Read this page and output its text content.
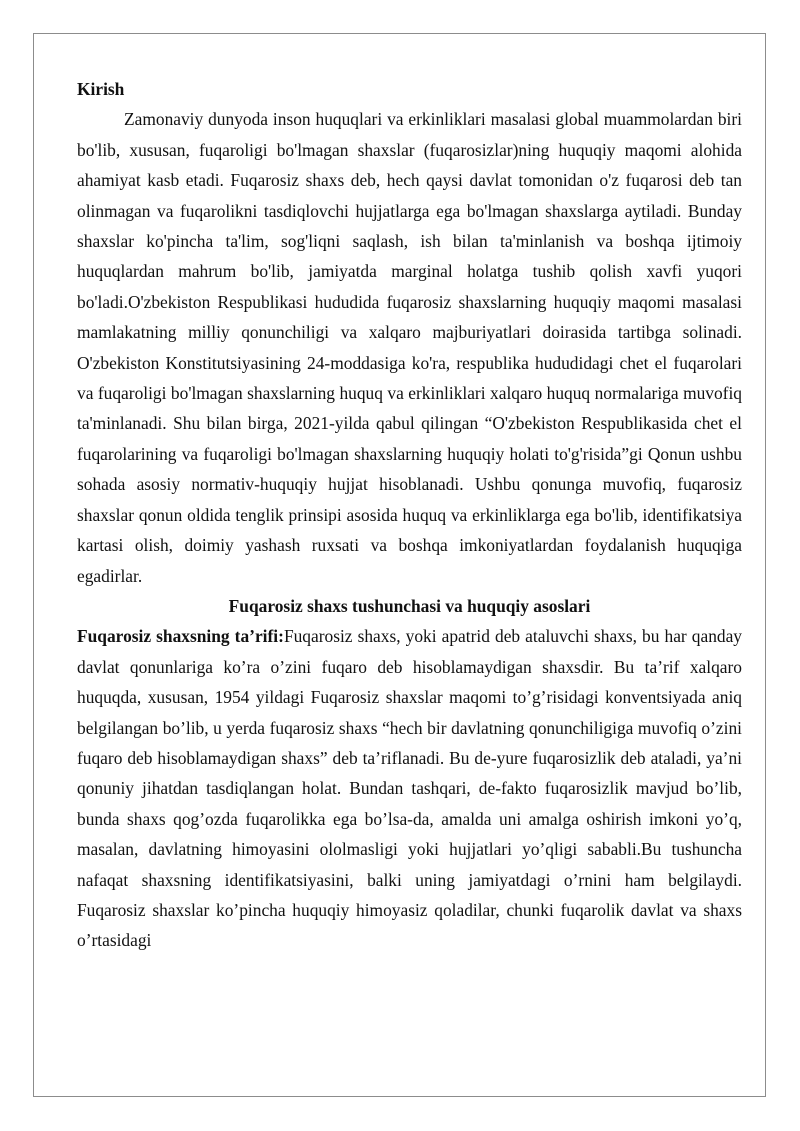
Kirish

Zamonaviy dunyoda inson huquqlari va erkinliklari masalasi global muammolardan biri bo'lib, xususan, fuqaroligi bo'lmagan shaxslar (fuqarosizlar)ning huquqiy maqomi alohida ahamiyat kasb etadi. Fuqarosiz shaxs deb, hech qaysi davlat tomonidan o'z fuqarosi deb tan olinmagan va fuqarolikni tasdiqlovchi hujjatlarga ega bo'lmagan shaxslarga aytiladi. Bunday shaxslar ko'pincha ta'lim, sog'liqni saqlash, ish bilan ta'minlanish va boshqa ijtimoiy huquqlardan mahrum bo'lib, jamiyatda marginal holatga tushib qolish xavfi yuqori bo'ladi.O'zbekiston Respublikasi hududida fuqarosiz shaxslarning huquqiy maqomi masalasi mamlakatning milliy qonunchiligi va xalqaro majburiyatlari doirasida tartibga solinadi. O'zbekiston Konstitutsiyasining 24-moddasiga ko'ra, respublika hududidagi chet el fuqarolari va fuqaroligi bo'lmagan shaxslarning huquq va erkinliklari xalqaro huquq normalariga muvofiq ta'minlanadi. Shu bilan birga, 2021-yilda qabul qilingan “O'zbekiston Respublikasida chet el fuqarolarining va fuqaroligi bo'lmagan shaxslarning huquqiy holati to'g'risida”gi Qonun ushbu sohada asosiy normativ-huquqiy hujjat hisoblanadi. Ushbu qonunga muvofiq, fuqarosiz shaxslar qonun oldida tenglik prinsipi asosida huquq va erkinliklarga ega bo'lib, identifikatsiya kartasi olish, doimiy yashash ruxsati va boshqa imkoniyatlardan foydalanish huquqiga egadirlar.

Fuqarosiz shaxs tushunchasi va huquqiy asoslari

Fuqarosiz shaxsning ta’rifi:Fuqarosiz shaxs, yoki apatrid deb ataluvchi shaxs, bu har qanday davlat qonunlariga ko’ra o’zini fuqaro deb hisoblamaydigan shaxsdir. Bu ta’rif xalqaro huquqda, xususan, 1954 yildagi Fuqarosiz shaxslar maqomi to’g’risidagi konventsiyada aniq belgilangan bo’lib, u yerda fuqarosiz shaxs “hech bir davlatning qonunchiligiga muvofiq o’zini fuqaro deb hisoblamaydigan shaxs” deb ta’riflanadi. Bu de-yure fuqarosizlik deb ataladi, ya’ni qonuniy jihatdan tasdiqlangan holat. Bundan tashqari, de-fakto fuqarosizlik mavjud bo’lib, bunda shaxs qog’ozda fuqarolikka ega bo’lsa-da, amalda uni amalga oshirish imkoni yo’q, masalan, davlatning himoyasini ololmasligi yoki hujjatlari yo’qligi sababli.Bu tushuncha nafaqat shaxsning identifikatsiyasini, balki uning jamiyatdagi o’rnini ham belgilaydi. Fuqarosiz shaxslar ko’pincha huquqiy himoyasiz qoladilar, chunki fuqarolik davlat va shaxs o’rtasidagi
